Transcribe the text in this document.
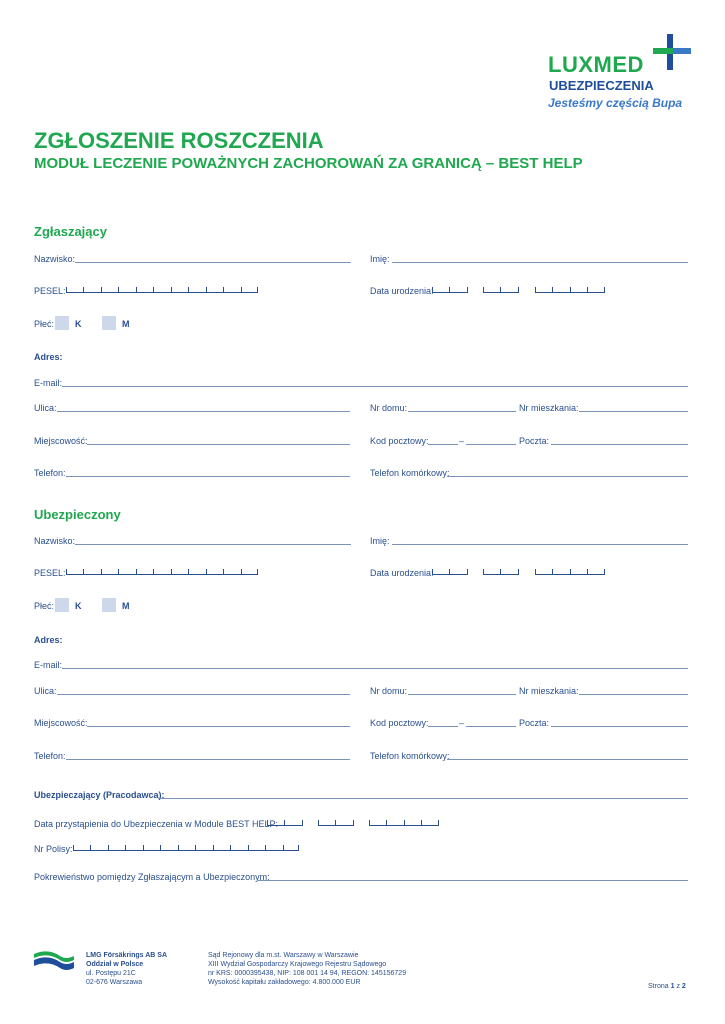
LUXMED
UBEZPIECZENIA
Jesteśmy częścią Bupa
ZGŁOSZENIE ROSZCZENIA
MODUŁ LECZENIE POWAŻNYCH ZACHOROWAŃ ZA GRANICĄ – BEST HELP
Zgłaszający
Nazwisko:	Imię:
PESEL:	Data urodzenia:
Płeć: K	M
Adres:
E-mail:
Ulica:	Nr domu:	Nr mieszkania:
Miejscowość:	Kod pocztowy:	–	Poczta:
Telefon:	Telefon komórkowy:
Ubezpieczony
Nazwisko:	Imię:
PESEL:	Data urodzenia:
Płeć: K	M
Adres:
E-mail:
Ulica:	Nr domu:	Nr mieszkania:
Miejscowość:	Kod pocztowy:	–	Poczta:
Telefon:	Telefon komórkowy:
Ubezpieczający (Pracodawca):
Data przystąpienia do Ubezpieczenia w Module BEST HELP:
Nr Polisy:
Pokrewieństwo pomiędzy Zgłaszającym a Ubezpieczonym:
LMG Försäkrings AB SA
Oddział w Polsce
ul. Postępu 21C
02-676 Warszawa
Sąd Rejonowy dla m.st. Warszawy w Warszawie
XIII Wydział Gospodarczy Krajowego Rejestru Sądowego
nr KRS: 0000395438, NIP: 108 001 14 94, REGON: 145156729
Wysokość kapitału zakładowego: 4.800.000 EUR
Strona 1 z 2
